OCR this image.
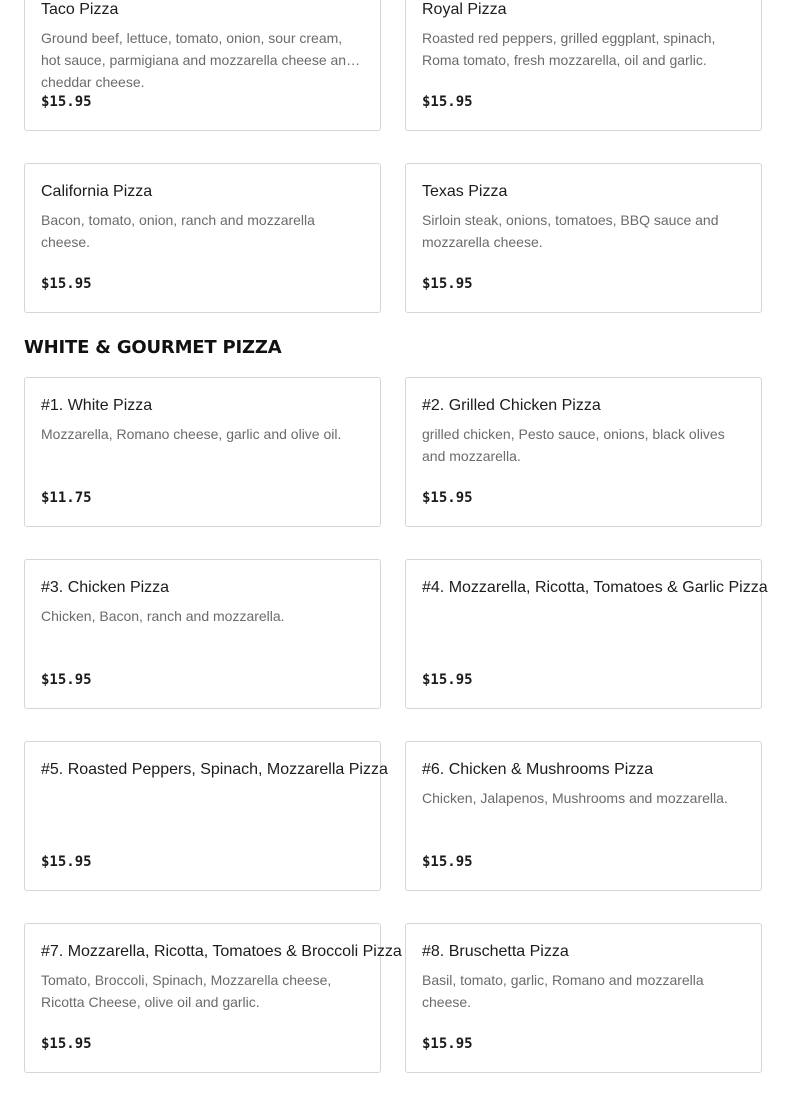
Taco Pizza
Ground beef, lettuce, tomato, onion, sour cream, hot sauce, parmigiana and mozzarella cheese and cheddar cheese.
$15.95
Royal Pizza
Roasted red peppers, grilled eggplant, spinach, Roma tomato, fresh mozzarella, oil and garlic.
$15.95
California Pizza
Bacon, tomato, onion, ranch and mozzarella cheese.
$15.95
Texas Pizza
Sirloin steak, onions, tomatoes, BBQ sauce and mozzarella cheese.
$15.95
WHITE & GOURMET PIZZA
#1. White Pizza
Mozzarella, Romano cheese, garlic and olive oil.
$11.75
#2. Grilled Chicken Pizza
grilled chicken, Pesto sauce, onions, black olives and mozzarella.
$15.95
#3. Chicken Pizza
Chicken, Bacon, ranch and mozzarella.
$15.95
#4. Mozzarella, Ricotta, Tomatoes & Garlic Pizza
$15.95
#5. Roasted Peppers, Spinach, Mozzarella Pizza
$15.95
#6. Chicken & Mushrooms Pizza
Chicken, Jalapenos, Mushrooms and mozzarella.
$15.95
#7. Mozzarella, Ricotta, Tomatoes & Broccoli Pizza
Tomato, Broccoli, Spinach, Mozzarella cheese, Ricotta Cheese, olive oil and garlic.
$15.95
#8. Bruschetta Pizza
Basil, tomato, garlic, Romano and mozzarella cheese.
$15.95
